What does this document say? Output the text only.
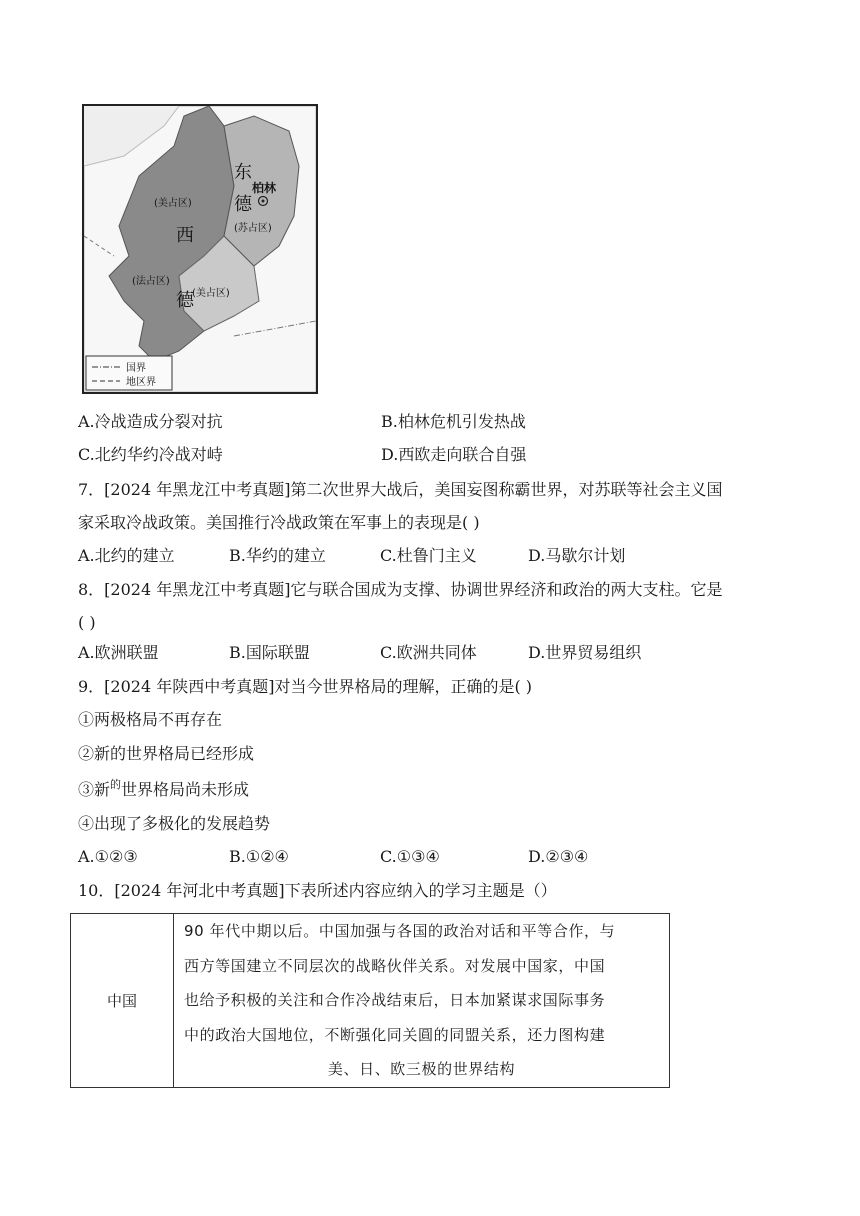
东
德
柏林
西
德
(美占区)
(苏占区)
(法占区)
(美占区)
国界
地区界
A.冷战造成分裂对抗	B.柏林危机引发热战
C.北约华约冷战对峙	D.西欧走向联合自强
7．[2024 年黑龙江中考真题]第二次世界大战后，美国妄图称霸世界，对苏联等社会主义国
家采取冷战政策。美国推行冷战政策在军事上的表现是( )
A.北约的建立	B.华约的建立	C.杜鲁门主义	D.马歇尔计划
8．[2024 年黑龙江中考真题]它与联合国成为支撑、协调世界经济和政治的两大支柱。它是
( )
A.欧洲联盟	B.国际联盟	C.欧洲共同体	D.世界贸易组织
9．[2024 年陕西中考真题]对当今世界格局的理解，正确的是( )
①两极格局不再存在
②新的世界格局已经形成
③新$^的$世界格局尚未形成
④出现了多极化的发展趋势
A.①②③	B.①②④	C.①③④	D.②③④
10．[2024 年河北中考真题]下表所述内容应纳入的学习主题是（）
中国	
90 年代中期以后。中国加强与各国的政治对话和平等合作，与
西方等国建立不同层次的战略伙伴关系。对发展中国家，中国
也给予积极的关注和合作冷战结束后，日本加紧谋求国际事务
中的政治大国地位，不断强化同关圓的同盟关系，还力图构建
美、日、欧三极的世界结构
